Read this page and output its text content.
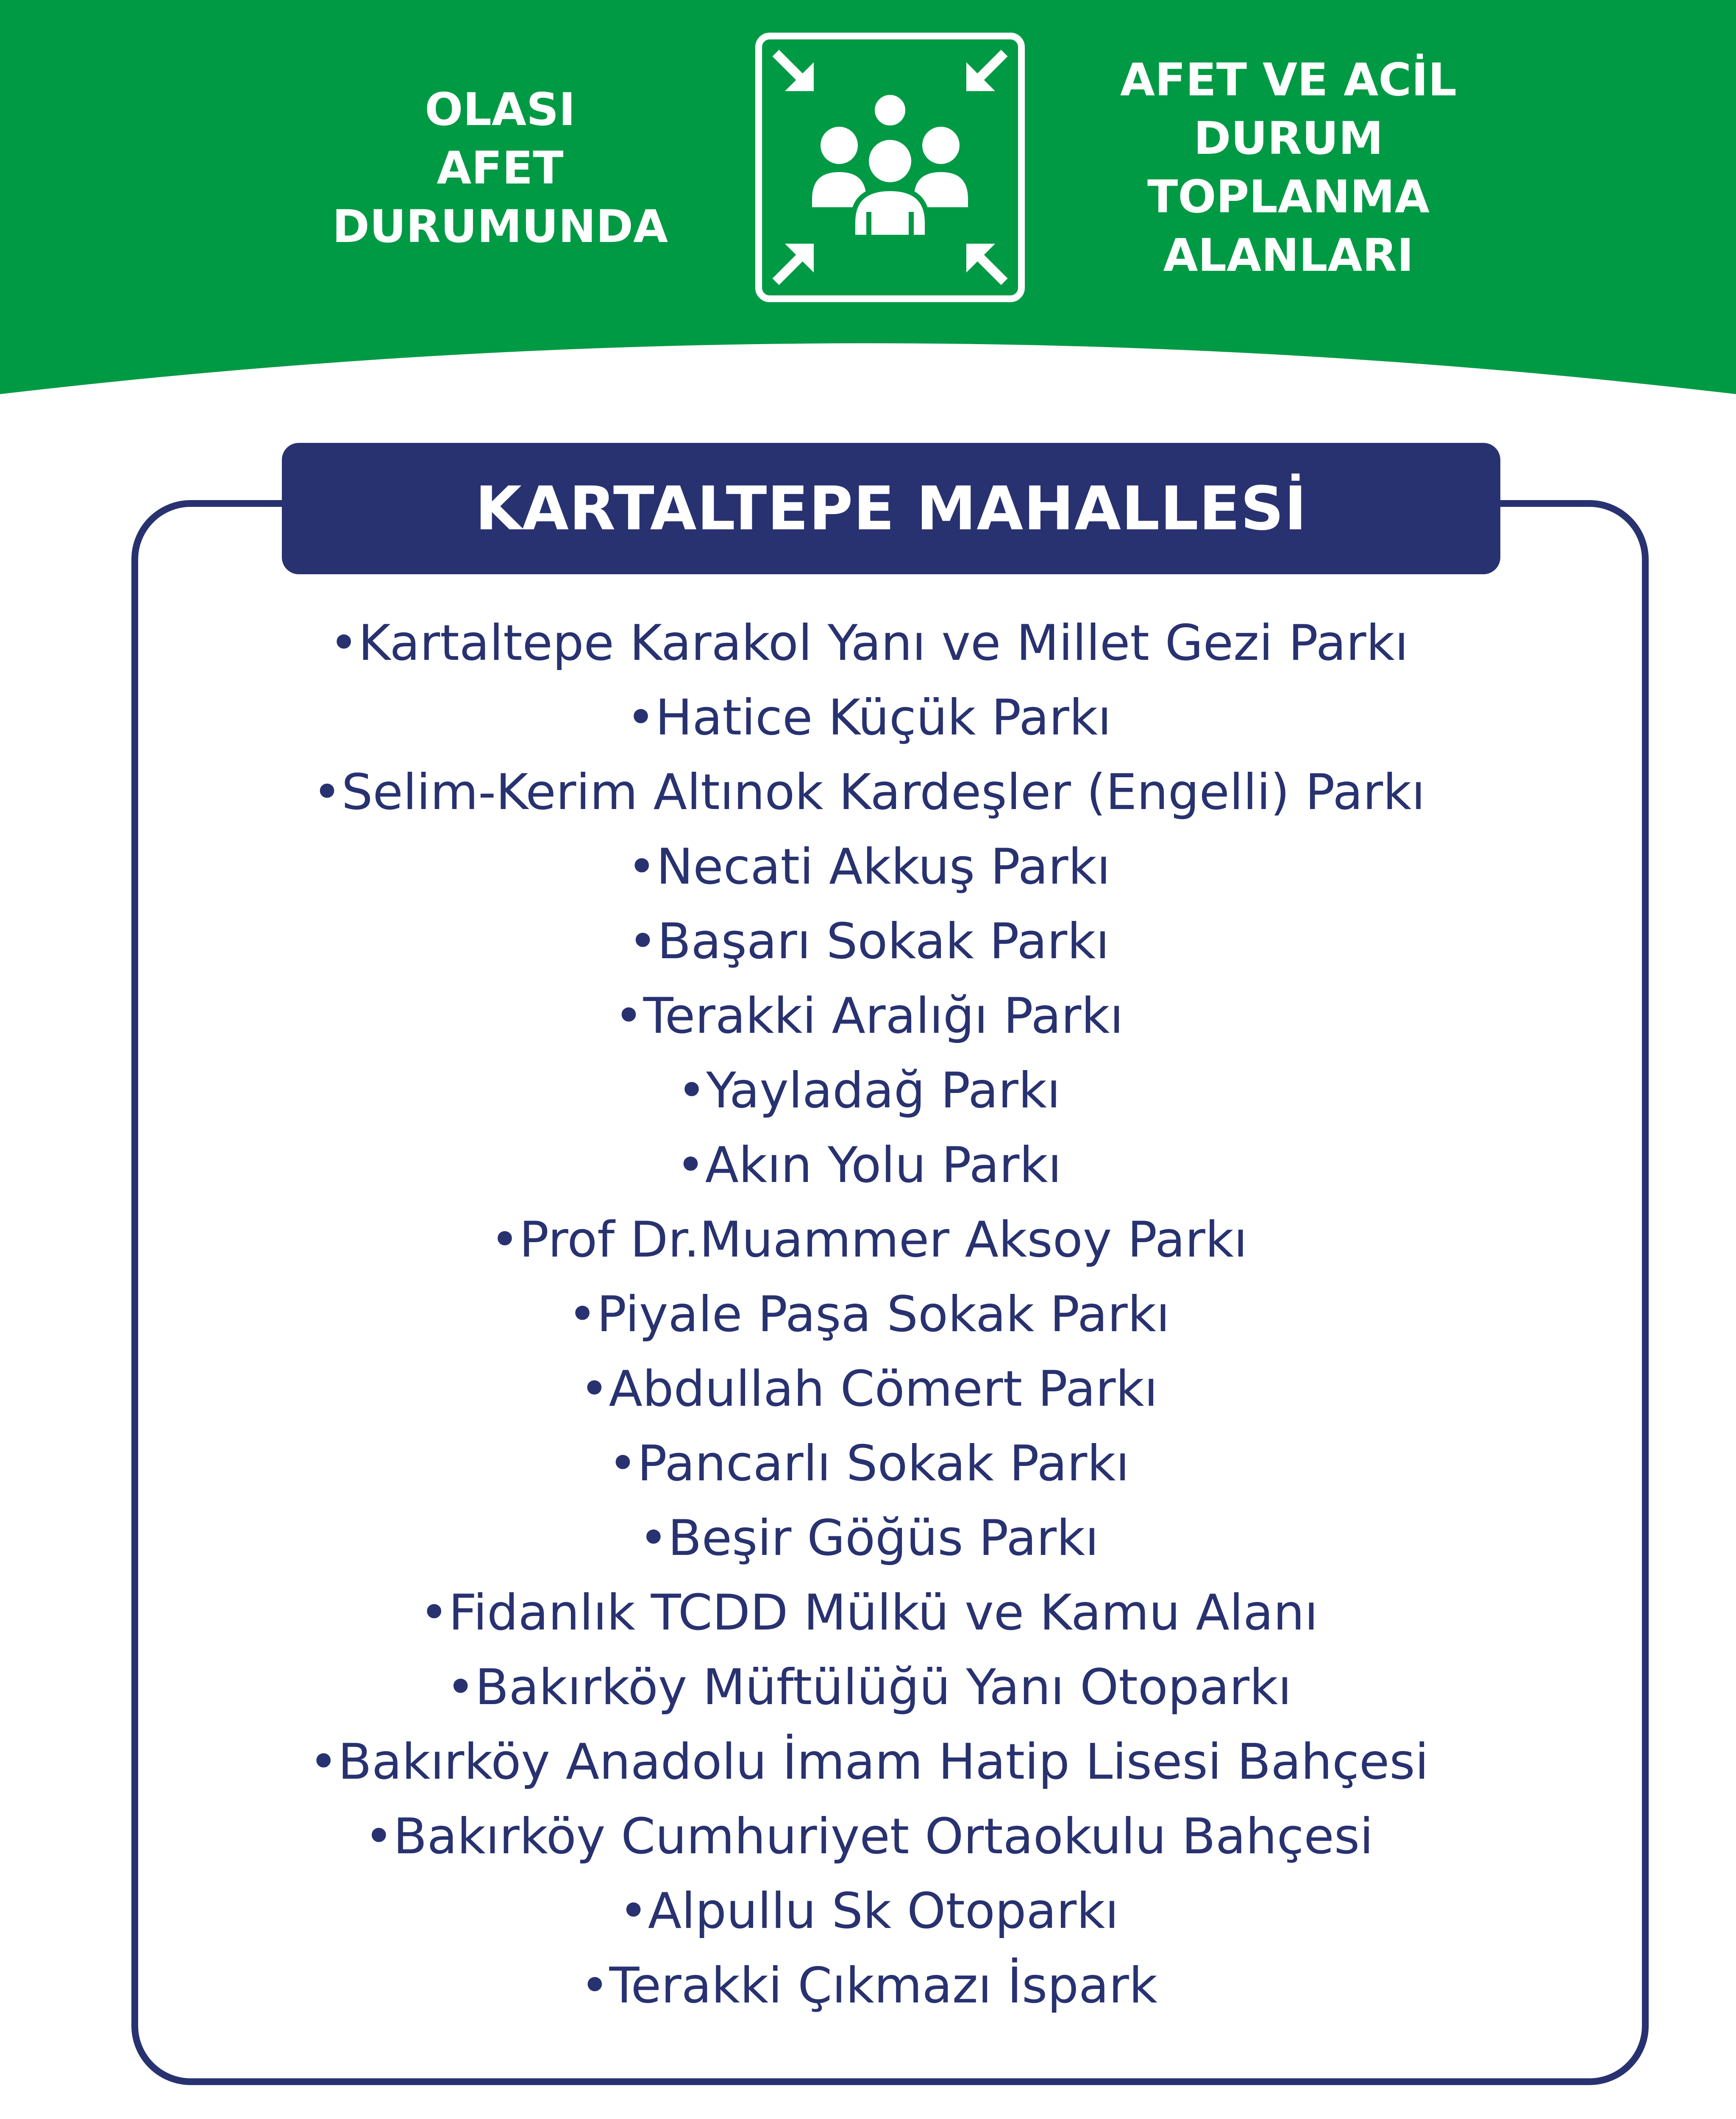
OLASI
AFET
DURUMUNDA
AFET VE ACİL
DURUM
TOPLANMA
ALANLARI
KARTALTEPE MAHALLESİ
•Kartaltepe Karakol Yanı ve Millet Gezi Parkı
•Hatice Küçük Parkı
•Selim-Kerim Altınok Kardeşler (Engelli) Parkı
•Necati Akkuş Parkı
•Başarı Sokak Parkı
•Terakki Aralığı Parkı
•Yayladağ Parkı
•Akın Yolu Parkı
•Prof Dr.Muammer Aksoy Parkı
•Piyale Paşa Sokak Parkı
•Abdullah Cömert Parkı
•Pancarlı Sokak Parkı
•Beşir Göğüs Parkı
•Fidanlık TCDD Mülkü ve Kamu Alanı
•Bakırköy Müftülüğü Yanı Otoparkı
•Bakırköy Anadolu İmam Hatip Lisesi Bahçesi
•Bakırköy Cumhuriyet Ortaokulu Bahçesi
•Alpullu Sk Otoparkı
•Terakki Çıkmazı İspark
